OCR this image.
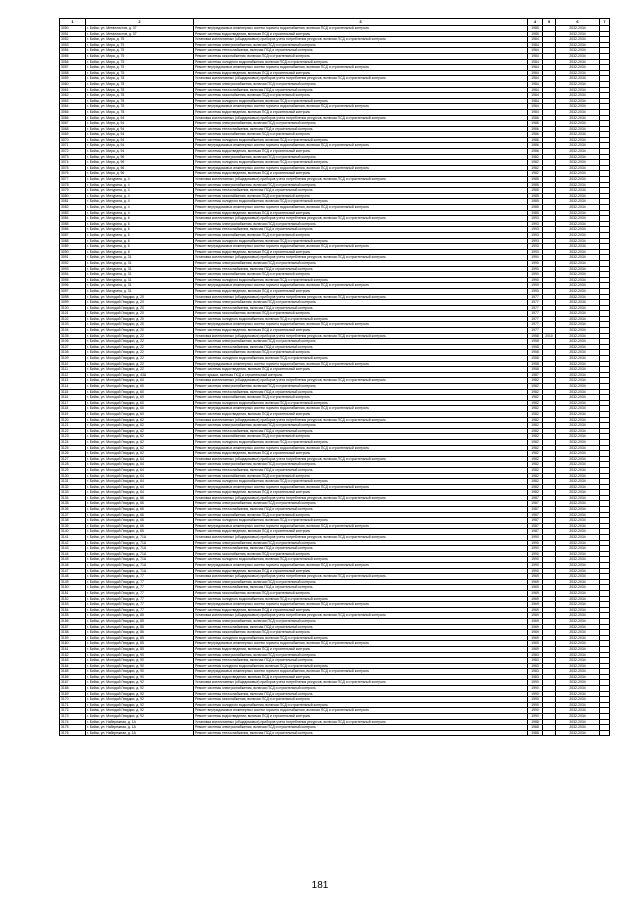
1	2	3	4	5	6	7
3050	г. Бийск, ул. Металлистов, д. 37	Ремонт внутридомовых инженерных систем горячего водоснабжения, включая ПСД и строительный контроль	1985		2032-2034	
3051	г. Бийск, ул. Металлистов, д. 37	Ремонт системы водоотведения, включая ПСД и строительный контроль	1985		2032-2034	
3052	г. Бийск, ул. Мира, д. 75	Установка коллективных (общедомовых) приборов учета потребления ресурсов, включая ПСД и строительный контроль	1984		2032-2034	
3053	г. Бийск, ул. Мира, д. 75	Ремонт системы электроснабжения, включая ПСД и строительный контроль	1984		2032-2034	
3054	г. Бийск, ул. Мира, д. 75	Ремонт системы теплоснабжения, включая ПСД и строительный контроль	1984		2032-2034	
3055	г. Бийск, ул. Мира, д. 75	Ремонт системы газоснабжения, включая ПСД и строительный контроль	1984		2032-2034	
3056	г. Бийск, ул. Мира, д. 75	Ремонт системы холодного водоснабжения, включая ПСД и строительный контроль	1984		2032-2034	
3057	г. Бийск, ул. Мира, д. 75	Ремонт внутридомовых инженерных систем горячего водоснабжения, включая ПСД и строительный контроль	1984		2032-2034	
3058	г. Бийск, ул. Мира, д. 75	Ремонт системы водоотведения, включая ПСД и строительный контроль	1984		2032-2034	
3059	г. Бийск, ул. Мира, д. 78	Установка коллективных (общедомовых) приборов учета потребления ресурсов, включая ПСД и строительный контроль	1984		2032-2034	
3060	г. Бийск, ул. Мира, д. 78	Ремонт системы электроснабжения, включая ПСД и строительный контроль	1984		2032-2034	
3061	г. Бийск, ул. Мира, д. 78	Ремонт системы теплоснабжения, включая ПСД и строительный контроль	1984		2032-2034	
3062	г. Бийск, ул. Мира, д. 78	Ремонт системы газоснабжения, включая ПСД и строительный контроль	1984		2032-2034	
3063	г. Бийск, ул. Мира, д. 78	Ремонт системы холодного водоснабжения, включая ПСД и строительный контроль	1984		2032-2034	
3064	г. Бийск, ул. Мира, д. 78	Ремонт внутридомовых инженерных систем горячего водоснабжения, включая ПСД и строительный контроль	1984		2032-2034	
3065	г. Бийск, ул. Мира, д. 78	Ремонт системы водоотведения, включая ПСД и строительный контроль	1984		2032-2034	
3066	г. Бийск, ул. Мира, д. 94	Установка коллективных (общедомовых) приборов учета потребления ресурсов, включая ПСД и строительный контроль	1986		2032-2034	
3067	г. Бийск, ул. Мира, д. 94	Ремонт системы электроснабжения, включая ПСД и строительный контроль	1986		2032-2034	
3068	г. Бийск, ул. Мира, д. 94	Ремонт системы теплоснабжения, включая ПСД и строительный контроль	1986		2032-2034	
3069	г. Бийск, ул. Мира, д. 94	Ремонт системы газоснабжения, включая ПСД и строительный контроль	1986		2032-2034	
3070	г. Бийск, ул. Мира, д. 94	Ремонт системы холодного водоснабжения, включая ПСД и строительный контроль	1986		2032-2034	
3071	г. Бийск, ул. Мира, д. 94	Ремонт внутридомовых инженерных систем горячего водоснабжения, включая ПСД и строительный контроль	1986		2032-2034	
3072	г. Бийск, ул. Мира, д. 94	Ремонт системы водоотведения, включая ПСД и строительный контроль	1986		2032-2034	
3073	г. Бийск, ул. Мира, д. 96	Ремонт системы электроснабжения, включая ПСД и строительный контроль	1982		2032-2034	
3074	г. Бийск, ул. Мира, д. 96	Ремонт системы холодного водоснабжения, включая ПСД и строительный контроль	1982		2032-2034	
3075	г. Бийск, ул. Мира, д. 96	Ремонт внутридомовых инженерных систем горячего водоснабжения, включая ПСД и строительный контроль	1982		2032-2034	
3076	г. Бийск, ул. Мира, д. 96	Ремонт системы водоотведения, включая ПСД и строительный контроль	1982		2032-2034	
3077	г. Бийск, ул. Мичурина, д. 4	Установка коллективных (общедомовых) приборов учета потребления ресурсов, включая ПСД и строительный контроль	1985		2032-2034	
3078	г. Бийск, ул. Мичурина, д. 4	Ремонт системы электроснабжения, включая ПСД и строительный контроль	1985		2032-2034	
3079	г. Бийск, ул. Мичурина, д. 4	Ремонт системы теплоснабжения, включая ПСД и строительный контроль	1985		2032-2034	
3080	г. Бийск, ул. Мичурина, д. 4	Ремонт системы газоснабжения, включая ПСД и строительный контроль	1985		2032-2034	
3081	г. Бийск, ул. Мичурина, д. 4	Ремонт системы холодного водоснабжения, включая ПСД и строительный контроль	1985		2032-2034	
3082	г. Бийск, ул. Мичурина, д. 4	Ремонт внутридомовых инженерных систем горячего водоснабжения, включая ПСД и строительный контроль	1985		2032-2034	
3083	г. Бийск, ул. Мичурина, д. 4	Ремонт системы водоотведения, включая ПСД и строительный контроль	1985		2032-2034	
3084	г. Бийск, ул. Мичурина, д. 6	Установка коллективных (общедомовых) приборов учета потребления ресурсов, включая ПСД и строительный контроль	1993		2032-2034	
3085	г. Бийск, ул. Мичурина, д. 6	Ремонт системы электроснабжения, включая ПСД и строительный контроль	1993		2032-2034	
3086	г. Бийск, ул. Мичурина, д. 6	Ремонт системы теплоснабжения, включая ПСД и строительный контроль	1993		2032-2034	
3087	г. Бийск, ул. Мичурина, д. 6	Ремонт системы газоснабжения, включая ПСД и строительный контроль	1993		2032-2034	
3088	г. Бийск, ул. Мичурина, д. 6	Ремонт системы холодного водоснабжения, включая ПСД и строительный контроль	1993		2032-2034	
3089	г. Бийск, ул. Мичурина, д. 6	Ремонт внутридомовых инженерных систем горячего водоснабжения, включая ПСД и строительный контроль	1993		2032-2034	
3090	г. Бийск, ул. Мичурина, д. 6	Ремонт системы водоотведения, включая ПСД и строительный контроль	1993		2032-2034	
3091	г. Бийск, ул. Мичурина, д. 31	Установка коллективных (общедомовых) приборов учета потребления ресурсов, включая ПСД и строительный контроль	1990		2032-2034	
3092	г. Бийск, ул. Мичурина, д. 31	Ремонт системы электроснабжения, включая ПСД и строительный контроль	1990		2032-2034	
3093	г. Бийск, ул. Мичурина, д. 31	Ремонт системы теплоснабжения, включая ПСД и строительный контроль	1990		2032-2034	
3094	г. Бийск, ул. Мичурина, д. 31	Ремонт системы газоснабжения, включая ПСД и строительный контроль	1990		2032-2034	
3095	г. Бийск, ул. Мичурина, д. 31	Ремонт системы холодного водоснабжения, включая ПСД и строительный контроль	1990		2032-2034	
3096	г. Бийск, ул. Мичурина, д. 31	Ремонт внутридомовых инженерных систем горячего водоснабжения, включая ПСД и строительный контроль	1990		2032-2034	
3097	г. Бийск, ул. Мичурина, д. 31	Ремонт системы водоотведения, включая ПСД и строительный контроль	1990		2032-2034	
3098	г. Бийск, ул. Молодой Гвардии, д. 20	Установка коллективных (общедомовых) приборов учета потребления ресурсов, включая ПСД и строительный контроль	1977		2032-2034	
3099	г. Бийск, ул. Молодой Гвардии, д. 20	Ремонт системы электроснабжения, включая ПСД и строительный контроль	1977		2032-2034	
3100	г. Бийск, ул. Молодой Гвардии, д. 20	Ремонт системы теплоснабжения, включая ПСД и строительный контроль	1977		2032-2034	
3101	г. Бийск, ул. Молодой Гвардии, д. 20	Ремонт системы газоснабжения, включая ПСД и строительный контроль	1977		2032-2034	
3102	г. Бийск, ул. Молодой Гвардии, д. 20	Ремонт системы холодного водоснабжения, включая ПСД и строительный контроль	1977		2032-2034	
3103	г. Бийск, ул. Молодой Гвардии, д. 20	Ремонт внутридомовых инженерных систем горячего водоснабжения, включая ПСД и строительный контроль	1977		2032-2034	
3104	г. Бийск, ул. Молодой Гвардии, д. 20	Ремонт системы водоотведения, включая ПСД и строительный контроль	1977		2032-2034	
3105	г. Бийск, ул. Молодой Гвардии, д. 22	Установка коллективных (общедомовых) приборов учета потребления ресурсов, включая ПСД и строительный контроль	1958	2010	2032-2034	
3106	г. Бийск, ул. Молодой Гвардии, д. 22	Ремонт системы электроснабжения, включая ПСД и строительный контроль	1958		2032-2034	
3107	г. Бийск, ул. Молодой Гвардии, д. 22	Ремонт системы теплоснабжения, включая ПСД и строительный контроль	1958		2032-2034	
3108	г. Бийск, ул. Молодой Гвардии, д. 22	Ремонт системы газоснабжения, включая ПСД и строительный контроль	1958		2032-2034	
3109	г. Бийск, ул. Молодой Гвардии, д. 22	Ремонт системы холодного водоснабжения, включая ПСД и строительный контроль	1958		2032-2034	
3110	г. Бийск, ул. Молодой Гвардии, д. 22	Ремонт внутридомовых инженерных систем горячего водоснабжения, включая ПСД и строительный контроль	1958		2032-2034	
3111	г. Бийск, ул. Молодой Гвардии, д. 22	Ремонт системы водоотведения, включая ПСД и строительный контроль	1958		2032-2034	
3112	г. Бийск, ул. Молодой Гвардии, д. 43А	Ремонт крыши, включая ПСД и строительный контроль	1987		2032-2034	
3113	г. Бийск, ул. Молодой Гвардии, д. 60	Установка коллективных (общедомовых) приборов учета потребления ресурсов, включая ПСД и строительный контроль	1982		2032-2034	
3114	г. Бийск, ул. Молодой Гвардии, д. 60	Ремонт системы электроснабжения, включая ПСД и строительный контроль	1982		2032-2034	
3115	г. Бийск, ул. Молодой Гвардии, д. 60	Ремонт системы теплоснабжения, включая ПСД и строительный контроль	1982		2032-2034	
3116	г. Бийск, ул. Молодой Гвардии, д. 60	Ремонт системы газоснабжения, включая ПСД и строительный контроль	1982		2032-2034	
3117	г. Бийск, ул. Молодой Гвардии, д. 60	Ремонт системы холодного водоснабжения, включая ПСД и строительный контроль	1982		2032-2034	
3118	г. Бийск, ул. Молодой Гвардии, д. 60	Ремонт внутридомовых инженерных систем горячего водоснабжения, включая ПСД и строительный контроль	1982		2032-2034	
3119	г. Бийск, ул. Молодой Гвардии, д. 60	Ремонт системы водоотведения, включая ПСД и строительный контроль	1982		2032-2034	
3120	г. Бийск, ул. Молодой Гвардии, д. 62	Установка коллективных (общедомовых) приборов учета потребления ресурсов, включая ПСД и строительный контроль	1982		2032-2034	
3121	г. Бийск, ул. Молодой Гвардии, д. 62	Ремонт системы электроснабжения, включая ПСД и строительный контроль	1982		2032-2034	
3122	г. Бийск, ул. Молодой Гвардии, д. 62	Ремонт системы теплоснабжения, включая ПСД и строительный контроль	1982		2032-2034	
3123	г. Бийск, ул. Молодой Гвардии, д. 62	Ремонт системы газоснабжения, включая ПСД и строительный контроль	1982		2032-2034	
3124	г. Бийск, ул. Молодой Гвардии, д. 62	Ремонт системы холодного водоснабжения, включая ПСД и строительный контроль	1982		2032-2034	
3125	г. Бийск, ул. Молодой Гвардии, д. 62	Ремонт внутридомовых инженерных систем горячего водоснабжения, включая ПСД и строительный контроль	1982		2032-2034	
3126	г. Бийск, ул. Молодой Гвардии, д. 62	Ремонт системы водоотведения, включая ПСД и строительный контроль	1982		2032-2034	
3127	г. Бийск, ул. Молодой Гвардии, д. 64	Установка коллективных (общедомовых) приборов учета потребления ресурсов, включая ПСД и строительный контроль	1982		2032-2034	
3128	г. Бийск, ул. Молодой Гвардии, д. 64	Ремонт системы электроснабжения, включая ПСД и строительный контроль	1982		2032-2034	
3129	г. Бийск, ул. Молодой Гвардии, д. 64	Ремонт системы теплоснабжения, включая ПСД и строительный контроль	1982		2032-2034	
3130	г. Бийск, ул. Молодой Гвардии, д. 64	Ремонт системы газоснабжения, включая ПСД и строительный контроль	1982		2032-2034	
3131	г. Бийск, ул. Молодой Гвардии, д. 64	Ремонт системы холодного водоснабжения, включая ПСД и строительный контроль	1982		2032-2034	
3132	г. Бийск, ул. Молодой Гвардии, д. 64	Ремонт внутридомовых инженерных систем горячего водоснабжения, включая ПСД и строительный контроль	1982		2032-2034	
3133	г. Бийск, ул. Молодой Гвардии, д. 64	Ремонт системы водоотведения, включая ПСД и строительный контроль	1982		2032-2034	
3134	г. Бийск, ул. Молодой Гвардии, д. 66	Установка коллективных (общедомовых) приборов учета потребления ресурсов, включая ПСД и строительный контроль	1987		2032-2034	
3135	г. Бийск, ул. Молодой Гвардии, д. 66	Ремонт системы электроснабжения, включая ПСД и строительный контроль	1987		2032-2034	
3136	г. Бийск, ул. Молодой Гвардии, д. 66	Ремонт системы теплоснабжения, включая ПСД и строительный контроль	1987		2032-2034	
3137	г. Бийск, ул. Молодой Гвардии, д. 66	Ремонт системы газоснабжения, включая ПСД и строительный контроль	1987		2032-2034	
3138	г. Бийск, ул. Молодой Гвардии, д. 66	Ремонт системы холодного водоснабжения, включая ПСД и строительный контроль	1987		2032-2034	
3139	г. Бийск, ул. Молодой Гвардии, д. 66	Ремонт внутридомовых инженерных систем горячего водоснабжения, включая ПСД и строительный контроль	1987		2032-2034	
3140	г. Бийск, ул. Молодой Гвардии, д. 66	Ремонт системы водоотведения, включая ПСД и строительный контроль	1987		2032-2034	
3141	г. Бийск, ул. Молодой Гвардии, д. 71А	Установка коллективных (общедомовых) приборов учета потребления ресурсов, включая ПСД и строительный контроль	1990		2032-2034	
3142	г. Бийск, ул. Молодой Гвардии, д. 71А	Ремонт системы электроснабжения, включая ПСД и строительный контроль	1990		2032-2034	
3143	г. Бийск, ул. Молодой Гвардии, д. 71А	Ремонт системы теплоснабжения, включая ПСД и строительный контроль	1990		2032-2034	
3144	г. Бийск, ул. Молодой Гвардии, д. 71А	Ремонт системы газоснабжения, включая ПСД и строительный контроль	1990		2032-2034	
3145	г. Бийск, ул. Молодой Гвардии, д. 71А	Ремонт системы холодного водоснабжения, включая ПСД и строительный контроль	1990		2032-2034	
3146	г. Бийск, ул. Молодой Гвардии, д. 71А	Ремонт внутридомовых инженерных систем горячего водоснабжения, включая ПСД и строительный контроль	1990		2032-2034	
3147	г. Бийск, ул. Молодой Гвардии, д. 71А	Ремонт системы водоотведения, включая ПСД и строительный контроль	1990		2032-2034	
3148	г. Бийск, ул. Молодой Гвардии, д. 77	Установка коллективных (общедомовых) приборов учета потребления ресурсов, включая ПСД и строительный контроль	1969		2032-2034	
3149	г. Бийск, ул. Молодой Гвардии, д. 77	Ремонт системы электроснабжения, включая ПСД и строительный контроль	1969		2032-2034	
3150	г. Бийск, ул. Молодой Гвардии, д. 77	Ремонт системы теплоснабжения, включая ПСД и строительный контроль	1969		2032-2034	
3151	г. Бийск, ул. Молодой Гвардии, д. 77	Ремонт системы газоснабжения, включая ПСД и строительный контроль	1969		2032-2034	
3152	г. Бийск, ул. Молодой Гвардии, д. 77	Ремонт системы холодного водоснабжения, включая ПСД и строительный контроль	1969		2032-2034	
3153	г. Бийск, ул. Молодой Гвардии, д. 77	Ремонт внутридомовых инженерных систем горячего водоснабжения, включая ПСД и строительный контроль	1969		2032-2034	
3154	г. Бийск, ул. Молодой Гвардии, д. 77	Ремонт системы водоотведения, включая ПСД и строительный контроль	1969		2032-2034	
3155	г. Бийск, ул. Молодой Гвардии, д. 85	Установка коллективных (общедомовых) приборов учета потребления ресурсов, включая ПСД и строительный контроль	1969		2032-2034	
3156	г. Бийск, ул. Молодой Гвардии, д. 85	Ремонт системы электроснабжения, включая ПСД и строительный контроль	1969		2032-2034	
3157	г. Бийск, ул. Молодой Гвардии, д. 85	Ремонт системы теплоснабжения, включая ПСД и строительный контроль	1969		2032-2034	
3158	г. Бийск, ул. Молодой Гвардии, д. 85	Ремонт системы газоснабжения, включая ПСД и строительный контроль	1969		2032-2034	
3159	г. Бийск, ул. Молодой Гвардии, д. 85	Ремонт системы холодного водоснабжения, включая ПСД и строительный контроль	1969		2032-2034	
3160	г. Бийск, ул. Молодой Гвардии, д. 85	Ремонт внутридомовых инженерных систем горячего водоснабжения, включая ПСД и строительный контроль	1969		2032-2034	
3161	г. Бийск, ул. Молодой Гвардии, д. 85	Ремонт системы водоотведения, включая ПСД и строительный контроль	1969		2032-2034	
3162	г. Бийск, ул. Молодой Гвардии, д. 90	Ремонт системы электроснабжения, включая ПСД и строительный контроль	1983		2032-2034	
3163	г. Бийск, ул. Молодой Гвардии, д. 90	Ремонт системы теплоснабжения, включая ПСД и строительный контроль	1983		2032-2034	
3164	г. Бийск, ул. Молодой Гвардии, д. 90	Ремонт системы холодного водоснабжения, включая ПСД и строительный контроль	1983		2032-2034	
3165	г. Бийск, ул. Молодой Гвардии, д. 90	Ремонт внутридомовых инженерных систем горячего водоснабжения, включая ПСД и строительный контроль	1983		2032-2034	
3166	г. Бийск, ул. Молодой Гвардии, д. 90	Ремонт системы водоотведения, включая ПСД и строительный контроль	1983		2032-2034	
3167	г. Бийск, ул. Молодой Гвардии, д. 92	Установка коллективных (общедомовых) приборов учета потребления ресурсов, включая ПСД и строительный контроль	1990		2032-2034	
3168	г. Бийск, ул. Молодой Гвардии, д. 92	Ремонт системы электроснабжения, включая ПСД и строительный контроль	1990		2032-2034	
3169	г. Бийск, ул. Молодой Гвардии, д. 92	Ремонт системы теплоснабжения, включая ПСД и строительный контроль	1990		2032-2034	
3170	г. Бийск, ул. Молодой Гвардии, д. 92	Ремонт системы газоснабжения, включая ПСД и строительный контроль	1990		2032-2034	
3171	г. Бийск, ул. Молодой Гвардии, д. 92	Ремонт системы холодного водоснабжения, включая ПСД и строительный контроль	1990		2032-2034	
3172	г. Бийск, ул. Молодой Гвардии, д. 92	Ремонт внутридомовых инженерных систем горячего водоснабжения, включая ПСД и строительный контроль	1990		2032-2034	
3173	г. Бийск, ул. Молодой Гвардии, д. 92	Ремонт системы водоотведения, включая ПСД и строительный контроль	1990		2032-2034	
3174	г. Бийск, ул. Набережная, д. 1А	Установка коллективных (общедомовых) приборов учета потребления ресурсов, включая ПСД и строительный контроль	1988		2032-2034	
3175	г. Бийск, ул. Набережная, д. 1А	Ремонт системы электроснабжения, включая ПСД и строительный контроль	1988		2032-2034	
3176	г. Бийск, ул. Набережная, д. 1А	Ремонт системы теплоснабжения, включая ПСД и строительный контроль	1988		2032-2034	
181
